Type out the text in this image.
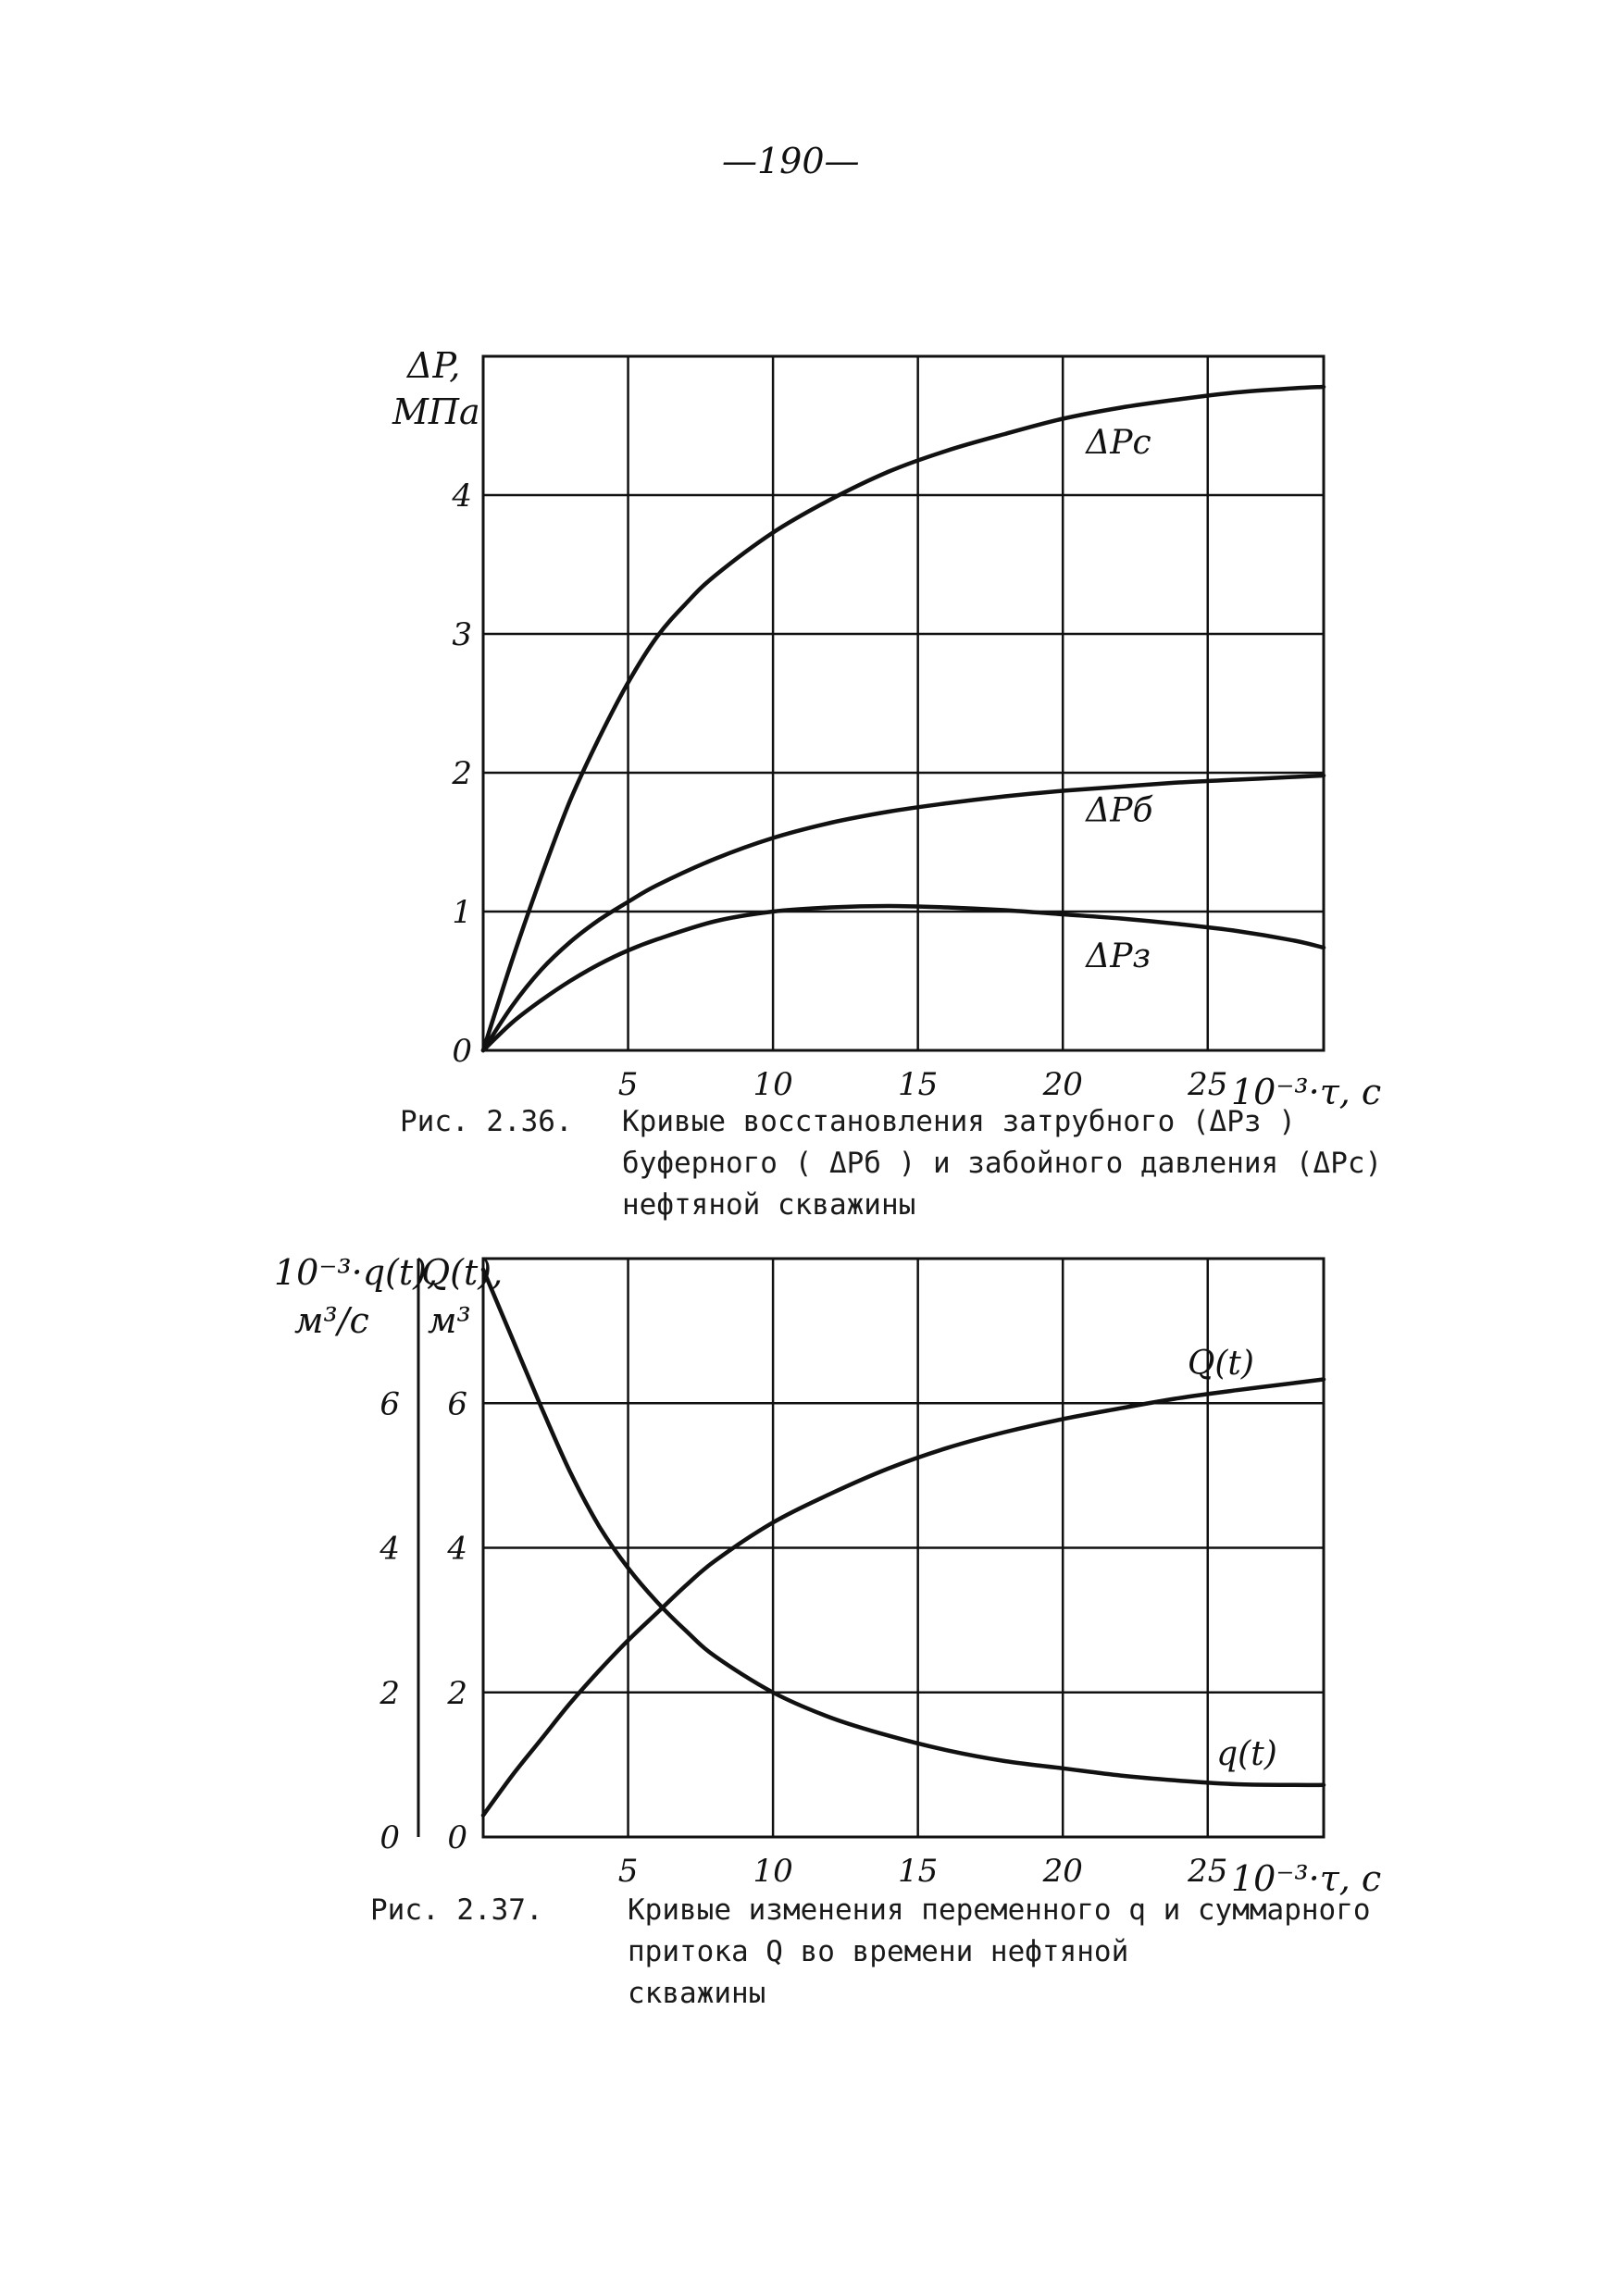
—190—
5	10	15	20	25
0
1
2
3
4
ΔPс
ΔPб
ΔPз
10⁻³·τ, с
ΔP,
МПа
Рис. 2.36. Кривые восстановления затрубного (ΔPз )
буферного ( ΔPб ) и забойного давления (ΔPс)
нефтяной скважины
5	10	15	20	25
0 0
2 2
4 4
6 6
Q(t)
q(t)
10⁻³·τ, с
10⁻³·q(t),
м³/с
Q(t),
м³
Рис. 2.37.	Кривые изменения переменного q и суммарного
притока Q во времени нефтяной
скважины
